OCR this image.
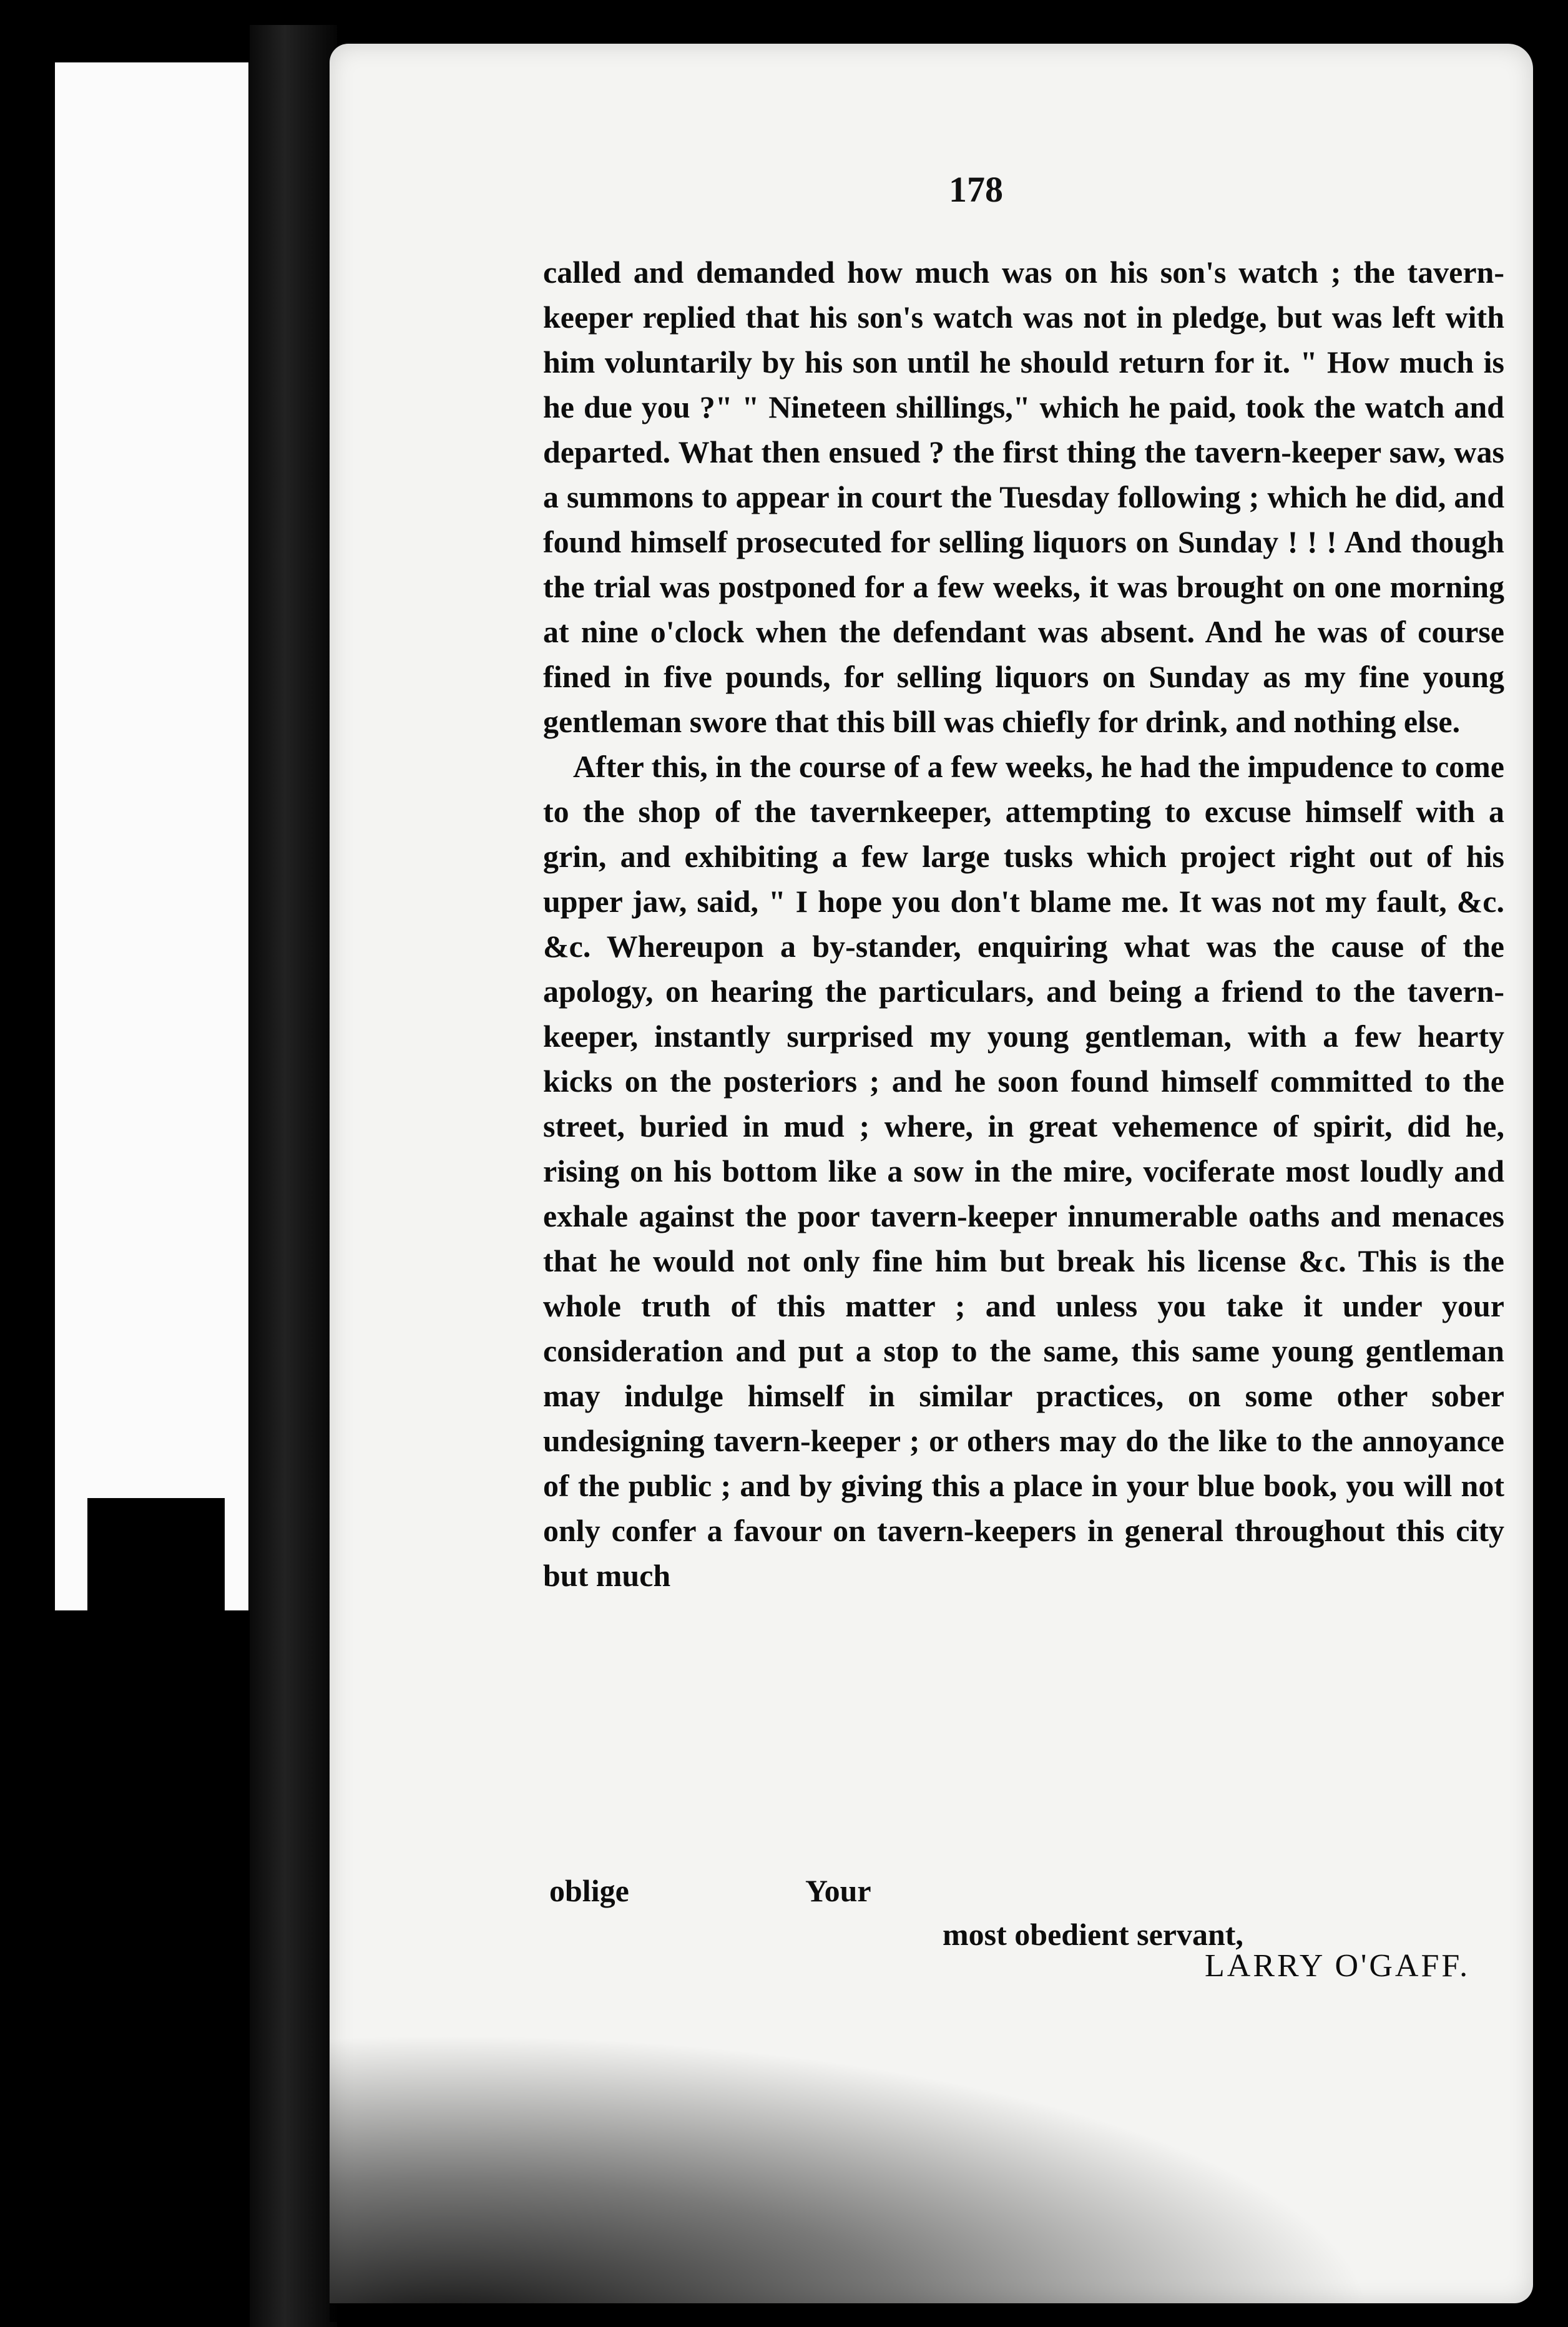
178

called and demanded how much was on his son's watch ; the tavern-keeper replied that his son's watch was not in pledge, but was left with him voluntarily by his son until he should return for it. " How much is he due you ?" " Nineteen shillings," which he paid, took the watch and departed. What then ensued ? the first thing the tavern-keeper saw, was a summons to appear in court the Tuesday following ; which he did, and found himself prosecuted for selling liquors on Sunday ! ! ! And though the trial was postponed for a few weeks, it was brought on one morning at nine o'clock when the defendant was absent. And he was of course fined in five pounds, for selling liquors on Sunday as my fine young gentleman swore that this bill was chiefly for drink, and nothing else.

After this, in the course of a few weeks, he had the impudence to come to the shop of the tavernkeeper, attempting to excuse himself with a grin, and exhibiting a few large tusks which project right out of his upper jaw, said, " I hope you don't blame me. It was not my fault, &c. &c. Whereupon a by-stander, enquiring what was the cause of the apology, on hearing the particulars, and being a friend to the tavern-keeper, instantly surprised my young gentleman, with a few hearty kicks on the posteriors ; and he soon found himself committed to the street, buried in mud ; where, in great vehemence of spirit, did he, rising on his bottom like a sow in the mire, vociferate most loudly and exhale against the poor tavern-keeper innumerable oaths and menaces that he would not only fine him but break his license &c. This is the whole truth of this matter ; and unless you take it under your consideration and put a stop to the same, this same young gentleman may indulge himself in similar practices, on some other sober undesigning tavern-keeper ; or others may do the like to the annoyance of the public ; and by giving this a place in your blue book, you will not only confer a favour on tavern-keepers in general throughout this city but much

oblige	Your
most obedient servant,
LARRY O'GAFF.
